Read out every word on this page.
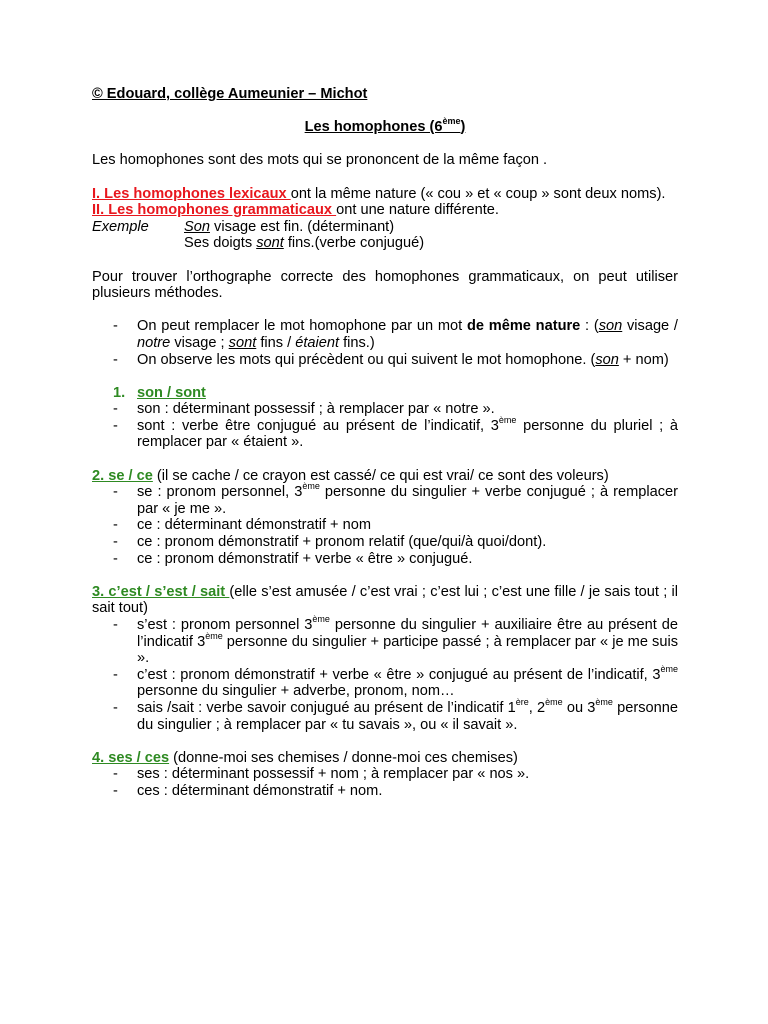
© Edouard, collège Aumeunier – Michot

Les homophones (6ème)

Les homophones sont des mots qui se prononcent de la même façon .

I. Les homophones lexicaux ont la même nature (« cou » et « coup » sont deux noms).

II. Les homophones grammaticaux ont une nature différente.

Exemple Son visage est fin. (déterminant)

Ses doigts sont fins.(verbe conjugué)

Pour trouver l’orthographe correcte des homophones grammaticaux, on peut utiliser plusieurs méthodes.

- On peut remplacer le mot homophone par un mot de même nature : (son visage / notre visage ; sont fins / étaient fins.)

- On observe les mots qui précèdent ou qui suivent le mot homophone. (son + nom)

1. son / sont

- son : déterminant possessif ; à remplacer par « notre ».

- sont : verbe être conjugué au présent de l’indicatif, 3ème personne du pluriel ; à remplacer par « étaient ».

2. se / ce (il se cache / ce crayon est cassé/ ce qui est vrai/ ce sont des voleurs)

- se : pronom personnel, 3ème personne du singulier + verbe conjugué ; à remplacer par « je me ».

- ce : déterminant démonstratif + nom

- ce : pronom démonstratif + pronom relatif (que/qui/à quoi/dont).

- ce : pronom démonstratif + verbe « être » conjugué.

3. c’est / s’est / sait (elle s’est amusée / c’est vrai ; c’est lui ; c’est une fille / je sais tout ; il sait tout)

- s’est : pronom personnel 3ème personne du singulier + auxiliaire être au présent de l’indicatif 3ème personne du singulier + participe passé ; à remplacer par « je me suis ».

- c’est : pronom démonstratif + verbe « être » conjugué au présent de l’indicatif, 3ème personne du singulier + adverbe, pronom, nom…

- sais /sait : verbe savoir conjugué au présent de l’indicatif 1ère, 2ème ou 3ème personne du singulier ; à remplacer par « tu savais », ou « il savait ».

4. ses / ces (donne-moi ses chemises / donne-moi ces chemises)

- ses : déterminant possessif + nom ; à remplacer par « nos ».

- ces : déterminant démonstratif + nom.
